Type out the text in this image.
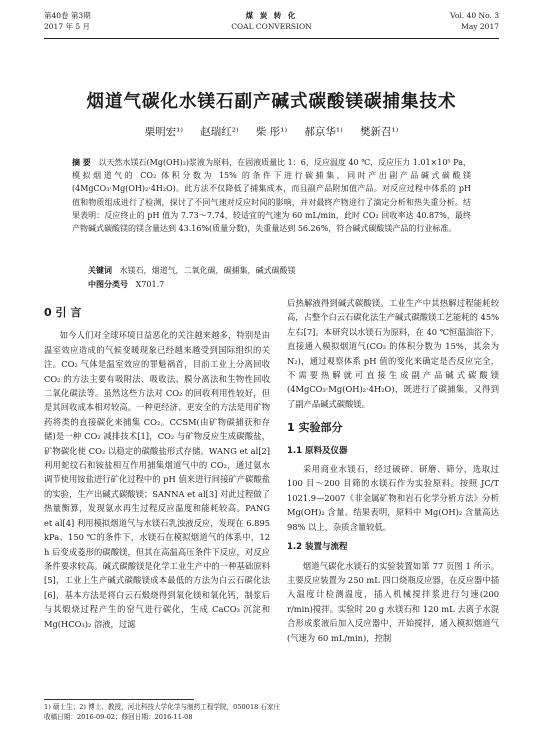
第40卷 第3期
2017 年 5 月
煤 炭 转 化
COAL CONVERSION
Vol. 40 No. 3
May 2017
烟道气碳化水镁石副产碱式碳酸镁碳捕集技术
栗明宏¹⁾ 赵瑞红²⁾ 柴 彤¹⁾ 郝京华¹⁾ 樊新召¹⁾
摘 要 以天然水镁石(Mg(OH)₂)浆液为原料，在固液质量比 1：6，反应温度 40 ℃，反应压力 1.01×10⁵ Pa，模拟烟道气的 CO₂ 体积分数为 15% 的条件下进行碳捕集，同时产出副产品碱式碳酸镁(4MgCO₃·Mg(OH)₂·4H₂O)。此方法不仅降低了捕集成本，而且副产品附加值产品。对反应过程中体系的 pH 值和物质组成进行了检测，探讨了不同气速对反应时间的影响，并对最终产物进行了滴定分析和热失重分析。结果表明：反应终止的 pH 值为 7.73～7.74，较适宜的气速为 60 mL/min，此时 CO₂ 回收率达 40.87%，最终产物碱式碳酸镁的镁含量达到 43.16%(质量分数)，失重量达到 56.26%，符合碱式碳酸镁产品的行业标准。
关键词 水镁石，烟道气，二氧化碳，碳捕集，碱式碳酸镁
中图分类号 X701.7
0 引 言

如今人们对全球环境日益恶化的关注越来越多，特别是由温室效应造成的气候变暖现象已经越来越受到国际组织的关注。CO₂ 气体是温室效应的罪魁祸首，目前工业上分离回收 CO₂ 的方法主要有吸附法、吸收法、膜分离法和生物性回收二氧化碳法等。虽然这些方法对 CO₂ 的回收利用性较好，但是其回收成本相对较高。一种更经济、更安全的方法是用矿物药将类的直接碳化来捕集 CO₂。CCSM(由矿物碳捕获和存储)是一种 CO₂ 减排技术[1]，CO₂ 与矿物反应生成碳酸盐，矿物碳化使 CO₂ 以稳定的碳酸盐形式存储。WANG et al[2] 利用蛇纹石和铵盐相互作用捕集烟道气中的 CO₂，通过氨水调节使用铵盐进行矿化过程中的 pH 值来进行间接矿产碳酸盐的实验，生产出碱式碳酸镁；SANNA et al[3] 对此过程做了热量衡算，发现氨水再生过程反应温度和能耗较高。PANG et al[4] 利用模拟烟道气与水镁石乳浊液反应，发现在 6.895 kPa、150 ℃的条件下，水镁石在模拟烟道气的体系中，12 h 后变成菱形的碳酸镁，但其在高温高压条件下反应，对反应条件要求较高。碱式碳酸镁是化学工业生产中的一种基础原料[5]，工业上生产碱式碳酸镁成本最低的方法为白云石碳化法[6]，基本方法是将白云石煅烧得到氧化镁和氧化钙，制浆后与其煅烧过程产生的窑气进行碳化，生成 CaCO₃ 沉淀和 Mg(HCO₃)₂ 溶液，过滤

后热解液得到碱式碳酸镁。工业生产中其热解过程能耗较高，占整个白云石碳化法生产碱式碳酸镁工艺能耗的 45% 左右[7]。本研究以水镁石为原料，在 40 ℃恒温油浴下，直接通入模拟烟道气(CO₂ 的体积分数为 15%，其余为 N₂)，通过观察体系 pH 值的变化来确定是否反应完全，不需要热解就可直接生成副产品碱式碳酸镁(4MgCO₃·Mg(OH)₂·4H₂O)，既进行了碳捕集，又得到了副产品碱式碳酸镁。

1 实验部分
1.1 原料及仪器

采用商业水镁石，经过破碎、研磨、筛分，选取过 100 目～200 目筛的水镁石作为实验原料。按照 JC/T 1021.9—2007《非金属矿物和岩石化学分析方法》分析 Mg(OH)₂ 含量。结果表明，原料中 Mg(OH)₂ 含量高达 98% 以上，杂质含量较低。

1.2 装置与流程

烟道气碳化水镁石的实验装置如第 77 页图 1 所示。主要反应装置为 250 mL 四口烧瓶反应器，在反应器中插入温度计检测温度，插入机械搅拌浆进行匀速(200 r/min)搅拌。实验时 20 g 水镁石和 120 mL 去离子水混合形成浆液后加入反应器中，开始搅拌，通入模拟烟道气(气速为 60 mL/min)，控制

1) 硕士生；2) 博士、教授，河北科技大学化学与制药工程学院，050018 石家庄
收稿日期：2016-09-02；修回日期：2016-11-08
